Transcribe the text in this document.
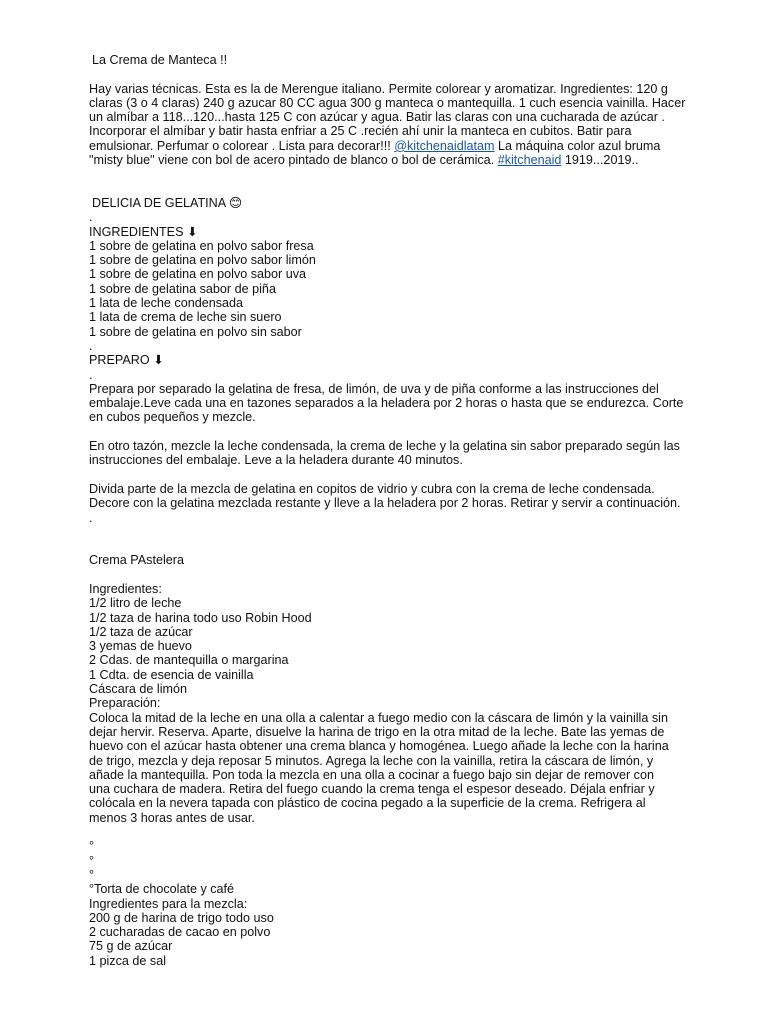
La Crema de Manteca !!
Hay varias técnicas. Esta es la de Merengue italiano. Permite colorear y aromatizar. Ingredientes: 120 g
claras (3 o 4 claras) 240 g azucar 80 CC agua 300 g manteca o mantequilla. 1 cuch esencia vainilla. Hacer
un almíbar a 118...120...hasta 125 C con azúcar y agua. Batir las claras con una cucharada de azúcar .
Incorporar el almíbar y batir hasta enfriar a 25 C .recién ahí unir la manteca en cubitos. Batir para
emulsionar. Perfumar o colorear . Lista para decorar!!! @kitchenaidlatam La máquina color azul bruma
"misty blue" viene con bol de acero pintado de blanco o bol de cerámica. #kitchenaid 1919...2019..
DELICIA DE GELATINA 😊
.
INGREDIENTES ⬇
1 sobre de gelatina en polvo sabor fresa
1 sobre de gelatina en polvo sabor limón
1 sobre de gelatina en polvo sabor uva
1 sobre de gelatina sabor de piña
1 lata de leche condensada
1 lata de crema de leche sin suero
1 sobre de gelatina en polvo sin sabor
.
PREPARO ⬇
.
Prepara por separado la gelatina de fresa, de limón, de uva y de piña conforme a las instrucciones del
embalaje.Leve cada una en tazones separados a la heladera por 2 horas o hasta que se endurezca. Corte
en cubos pequeños y mezcle.
En otro tazón, mezcle la leche condensada, la crema de leche y la gelatina sin sabor preparado según las
instrucciones del embalaje. Leve a la heladera durante 40 minutos.
Divida parte de la mezcla de gelatina en copitos de vidrio y cubra con la crema de leche condensada.
Decore con la gelatina mezclada restante y lleve a la heladera por 2 horas. Retirar y servir a continuación.
.
Crema PAstelera
Ingredientes:
1/2 litro de leche
1/2 taza de harina todo uso Robin Hood
1/2 taza de azúcar
3 yemas de huevo
2 Cdas. de mantequilla o margarina
1 Cdta. de esencia de vainilla
Cáscara de limón
Preparación:
Coloca la mitad de la leche en una olla a calentar a fuego medio con la cáscara de limón y la vainilla sin
dejar hervir. Reserva. Aparte, disuelve la harina de trigo en la otra mitad de la leche. Bate las yemas de
huevo con el azúcar hasta obtener una crema blanca y homogénea. Luego añade la leche con la harina
de trigo, mezcla y deja reposar 5 minutos. Agrega la leche con la vainilla, retira la cáscara de limón, y
añade la mantequilla. Pon toda la mezcla en una olla a cocinar a fuego bajo sin dejar de remover con
una cuchara de madera. Retira del fuego cuando la crema tenga el espesor deseado. Déjala enfriar y
colócala en la nevera tapada con plástico de cocina pegado a la superficie de la crema. Refrigera al
menos 3 horas antes de usar.
°
°
°
°Torta de chocolate y café
Ingredientes para la mezcla:
200 g de harina de trigo todo uso
2 cucharadas de cacao en polvo
75 g de azúcar
1 pizca de sal
